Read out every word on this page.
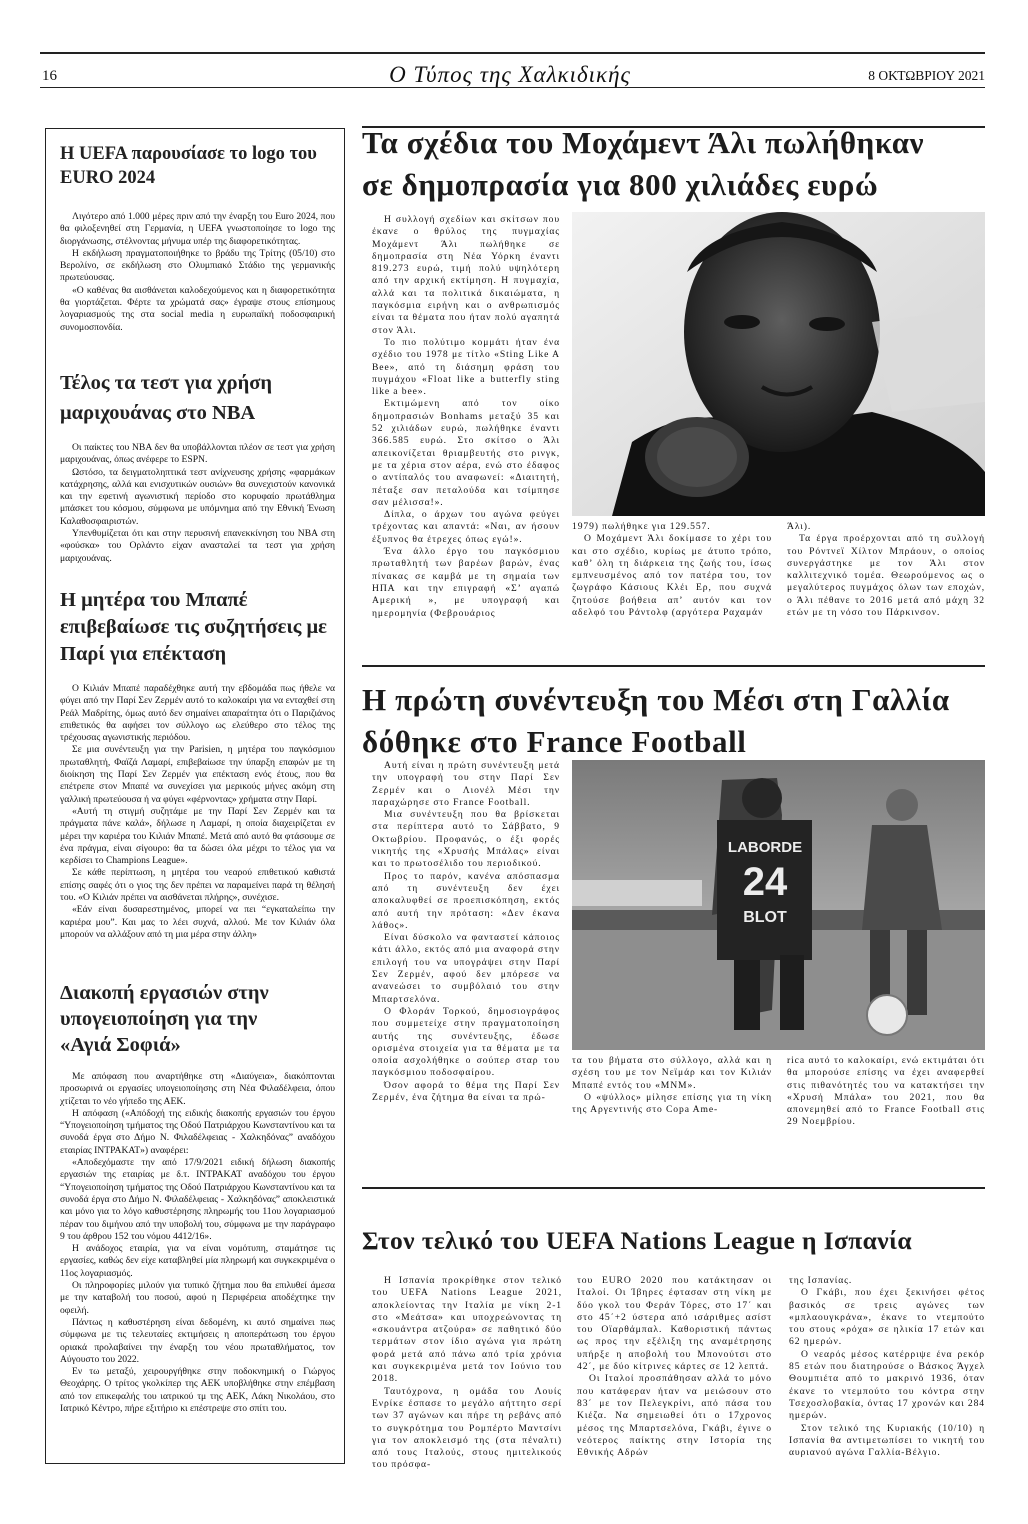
16	Ο Τύπος της Χαλκιδικής	8 ΟΚΤΩΒΡΙΟΥ 2021
Η UEFA παρουσίασε το logo του EURO 2024

Λιγότερο από 1.000 μέρες πριν από την έναρξη του Euro 2024, που θα φιλοξενηθεί στη Γερμανία, η UEFA γνωστοποίησε το logo της διοργάνωσης, στέλνοντας μήνυμα υπέρ της διαφορετικότητας.

Η εκδήλωση πραγματοποιήθηκε το βράδυ της Τρίτης (05/10) στο Βερολίνο, σε εκδήλωση στο Ολυμπιακό Στάδιο της γερμανικής πρωτεύουσας.

«Ο καθένας θα αισθάνεται καλοδεχούμενος και η διαφορετικότητα θα γιορτάζεται. Φέρτε τα χρώματά σας» έγραψε στους επίσημους λογαριασμούς της στα social media η ευρωπαϊκή ποδοσφαιρική συνομοσπονδία.

Τέλος τα τεστ για χρήση μαριχουάνας στο NBA

Οι παίκτες του NBA δεν θα υποβάλλονται πλέον σε τεστ για χρήση μαριχουάνας, όπως ανέφερε το ESPN.

Ωστόσο, τα δειγματοληπτικά τεστ ανίχνευσης χρήσης «φαρμάκων κατάχρησης, αλλά και ενισχυτικών ουσιών» θα συνεχιστούν κανονικά και την εφετινή αγωνιστική περίοδο στο κορυφαίο πρωτάθλημα μπάσκετ του κόσμου, σύμφωνα με υπόμνημα από την Εθνική Ένωση Καλαθοσφαιριστών.

Υπενθυμίζεται ότι και στην περυσινή επανεκκίνηση του NBA στη «φούσκα» του Ορλάντο είχαν ανασταλεί τα τεστ για χρήση μαριχουάνας.

Η μητέρα του Μπαπέ επιβεβαίωσε τις συζητήσεις με Παρί για επέκταση

Ο Κιλιάν Μπαπέ παραδέχθηκε αυτή την εβδομάδα πως ήθελε να φύγει από την Παρί Σεν Ζερμέν αυτό το καλοκαίρι για να ενταχθεί στη Ρεάλ Μαδρίτης, όμως αυτό δεν σημαίνει απαραίτητα ότι ο Παριζιάνος επιθετικός θα αφήσει τον σύλλογο ως ελεύθερο στο τέλος της τρέχουσας αγωνιστικής περιόδου.

Σε μια συνέντευξη για την Parisien, η μητέρα του παγκόσμιου πρωταθλητή, Φαϊζά Λαμαρί, επιβεβαίωσε την ύπαρξη επαφών με τη διοίκηση της Παρί Σεν Ζερμέν για επέκταση ενός έτους, που θα επέτρεπε στον Μπαπέ να συνεχίσει για μερικούς μήνες ακόμη στη γαλλική πρωτεύουσα ή να φύγει «φέρνοντας» χρήματα στην Παρί.

«Αυτή τη στιγμή συζητάμε με την Παρί Σεν Ζερμέν και τα πράγματα πάνε καλά», δήλωσε η Λαμαρί, η οποία διαχειρίζεται εν μέρει την καριέρα του Κιλιάν Μπαπέ. Μετά από αυτό θα φτάσουμε σε ένα πράγμα, είναι σίγουρο: θα τα δώσει όλα μέχρι το τέλος για να κερδίσει το Champions League».

Σε κάθε περίπτωση, η μητέρα του νεαρού επιθετικού καθιστά επίσης σαφές ότι ο γιος της δεν πρέπει να παραμείνει παρά τη θέλησή του. «Ο Κιλιάν πρέπει να αισθάνεται πλήρης», συνέχισε.

«Εάν είναι δυσαρεστημένος, μπορεί να πει “εγκαταλείπω την καριέρα μου”. Και μας το λέει συχνά, αλλού. Με τον Κιλιάν όλα μπορούν να αλλάξουν από τη μια μέρα στην άλλη»

Διακοπή εργασιών στην υπογειοποίηση για την «Αγιά Σοφιά»

Με απόφαση που αναρτήθηκε στη «Διαύγεια», διακόπτονται προσωρινά οι εργασίες υπογειοποίησης στη Νέα Φιλαδέλφεια, όπου χτίζεται το νέο γήπεδο της ΑΕΚ.

Η απόφαση («Απόδοχή της ειδικής διακοπής εργασιών του έργου “Υπογειοποίηση τμήματος της Οδού Πατριάρχου Κωνσταντίνου και τα συνοδά έργα στο Δήμο Ν. Φιλαδέλφειας - Χαλκηδόνας” αναδόχου εταιρίας ΙΝΤΡΑΚΑΤ») αναφέρει:

«Αποδεχόμαστε την από 17/9/2021 ειδική δήλωση διακοπής εργασιών της εταιρίας με δ.τ. ΙΝΤΡΑΚΑΤ αναδόχου του έργου “Υπογειοποίηση τμήματος της Οδού Πατριάρχου Κωνσταντίνου και τα συνοδά έργα στο Δήμο Ν. Φιλαδέλφειας - Χαλκηδόνας” αποκλειστικά και μόνο για το λόγο καθυστέρησης πληρωμής του 11ου λογαριασμού πέραν του διμήνου από την υποβολή του, σύμφωνα με την παράγραφο 9 του άρθρου 152 του νόμου 4412/16».

Η ανάδοχος εταιρία, για να είναι νομότυπη, σταμάτησε τις εργασίες, καθώς δεν είχε καταβληθεί μία πληρωμή και συγκεκριμένα ο 11ος λογαριασμός.

Οι πληροφορίες μιλούν για τυπικό ζήτημα που θα επιλυθεί άμεσα με την καταβολή του ποσού, αφού η Περιφέρεια αποδέχτηκε την οφειλή.

Πάντως η καθυστέρηση είναι δεδομένη, κι αυτό σημαίνει πως σύμφωνα με τις τελευταίες εκτιμήσεις η αποπεράτωση του έργου οριακά προλαβαίνει την έναρξη του νέου πρωταθλήματος, τον Αύγουστο του 2022.

Εν τω μεταξύ, χειρουργήθηκε στην ποδοκνημική ο Γιώργος Θεοχάρης. Ο τρίτος γκολκίπερ της ΑΕΚ υποβλήθηκε στην επέμβαση από τον επικεφαλής του ιατρικού τμ της ΑΕΚ, Λάκη Νικολάου, στο Ιατρικό Κέντρο, πήρε εξιτήριο κι επέστρεψε στο σπίτι του.

Τα σχέδια του Μοχάμεντ Άλι πωλήθηκαν
σε δημοπρασία για 800 χιλιάδες ευρώ

Η συλλογή σχεδίων και σκίτσων που έκανε ο θρύλος της πυγμαχίας Μοχάμεντ Άλι πωλήθηκε σε δημοπρασία στη Νέα Υόρκη έναντι 819.273 ευρώ, τιμή πολύ υψηλότερη από την αρχική εκτίμηση. Η πυγμαχία, αλλά και τα πολιτικά δικαιώματα, η παγκόσμια ειρήνη και ο ανθρωπισμός είναι τα θέματα που ήταν πολύ αγαπητά στον Άλι.

Το πιο πολύτιμο κομμάτι ήταν ένα σχέδιο του 1978 με τίτλο «Sting Like A Bee», από τη διάσημη φράση του πυγμάχου «Float like a butterfly sting like a bee».

Εκτιμώμενη από τον οίκο δημοπρασιών Bonhams μεταξύ 35 και 52 χιλιάδων ευρώ, πωλήθηκε έναντι 366.585 ευρώ. Στο σκίτσο ο Άλι απεικονίζεται θριαμβευτής στο ρινγκ, με τα χέρια στον αέρα, ενώ στο έδαφος ο αντίπαλός του αναφωνεί: «Διαιτητή, πέταξε σαν πεταλούδα και τσίμπησε σαν μέλισσα!».

Δίπλα, ο άρχων του αγώνα φεύγει τρέχοντας και απαντά: «Ναι, αν ήσουν έξυπνος θα έτρεχες όπως εγώ!».

Ένα άλλο έργο του παγκόσμιου πρωταθλητή των βαρέων βαρών, ένας πίνακας σε καμβά με τη σημαία των ΗΠΑ και την επιγραφή «Σ’ αγαπώ Αμερική », με υπογραφή και ημερομηνία (Φεβρουάριος

1979) πωλήθηκε για 129.557.

Ο Μοχάμεντ Άλι δοκίμασε το χέρι του και στο σχέδιο, κυρίως με άτυπο τρόπο, καθ’ όλη τη διάρκεια της ζωής του, ίσως εμπνευσμένος από τον πατέρα του, τον ζωγράφο Κάσιους Κλέι Ερ, που συχνά ζητούσε βοήθεια απ’ αυτόν και τον αδελφό του Ράντολφ (αργότερα Ραχαμάν

Άλι).

Τα έργα προέρχονται από τη συλλογή του Ρόντνεϊ Χίλτον Μπράουν, ο οποίος συνεργάστηκε με τον Άλι στον καλλιτεχνικό τομέα. Θεωρούμενος ως ο μεγαλύτερος πυγμάχος όλων των εποχών, ο Άλι πέθανε το 2016 μετά από μάχη 32 ετών με τη νόσο του Πάρκινσον.

Η πρώτη συνέντευξη του Μέσι στη Γαλλία
δόθηκε στο France Football

Αυτή είναι η πρώτη συνέντευξη μετά την υπογραφή του στην Παρί Σεν Ζερμέν και ο Λιονέλ Μέσι την παραχώρησε στο France Football.

Μια συνέντευξη που θα βρίσκεται στα περίπτερα αυτό το Σάββατο, 9 Οκτωβρίου. Προφανώς, ο έξι φορές νικητής της «Χρυσής Μπάλας» είναι και το πρωτοσέλιδο του περιοδικού.

Προς το παρόν, κανένα απόσπασμα από τη συνέντευξη δεν έχει αποκαλυφθεί σε προεπισκόπηση, εκτός από αυτή την πρόταση: «Δεν έκανα λάθος».

Είναι δύσκολο να φανταστεί κάποιος κάτι άλλο, εκτός από μια αναφορά στην επιλογή του να υπογράψει στην Παρί Σεν Ζερμέν, αφού δεν μπόρεσε να ανανεώσει το συμβόλαιό του στην Μπαρτσελόνα.

Ο Φλοράν Τορκού, δημοσιογράφος που συμμετείχε στην πραγματοποίηση αυτής της συνέντευξης, έδωσε ορισμένα στοιχεία για τα θέματα με τα οποία ασχολήθηκε ο σούπερ σταρ του παγκόσμιου ποδοσφαίρου.

Όσον αφορά το θέμα της Παρί Σεν Ζερμέν, ένα ζήτημα θα είναι τα πρώ-

LABORDE
24
BLOT

τα του βήματα στο σύλλογο, αλλά και η σχέση του με τον Νεϊμάρ και τον Κιλιάν Μπαπέ εντός του «ΜΝΜ».

Ο «ψύλλος» μίλησε επίσης για τη νίκη της Αργεντινής στο Copa Ame-

rica αυτό το καλοκαίρι, ενώ εκτιμάται ότι θα μπορούσε επίσης να έχει αναφερθεί στις πιθανότητές του να κατακτήσει την «Χρυσή Μπάλα» του 2021, που θα απονεμηθεί από το France Football στις 29 Νοεμβρίου.

Στον τελικό του UEFA Nations League η Ισπανία

Η Ισπανία προκρίθηκε στον τελικό του UEFA Nations League 2021, αποκλείοντας την Ιταλία με νίκη 2-1 στο «Μεάτσα» και υποχρεώνοντας τη «σκουάντρα ατζούρα» σε παθητικό δύο τερμάτων στον ίδιο αγώνα για πρώτη φορά μετά από πάνω από τρία χρόνια και συγκεκριμένα μετά τον Ιούνιο του 2018.

Ταυτόχρονα, η ομάδα του Λουίς Ενρίκε έσπασε το μεγάλο αήττητο σερί των 37 αγώνων και πήρε τη ρεβάνς από το συγκρότημα του Ρομπέρτο Μαντσίνι για τον αποκλεισμό της (στα πέναλτι) από τους Ιταλούς, στους ημιτελικούς του πρόσφα-

του EURO 2020 που κατάκτησαν οι Ιταλοί. Οι Ίβηρες έφτασαν στη νίκη με δύο γκολ του Φεράν Τόρες, στο 17΄ και στο 45΄+2 ύστερα από ισάριθμες ασίστ του Οϊαρθάμπαλ. Καθοριστική πάντως ως προς την εξέλιξη της αναμέτρησης υπήρξε η αποβολή του Μπονούτσι στο 42΄, με δύο κίτρινες κάρτες σε 12 λεπτά.

Οι Ιταλοί προσπάθησαν αλλά το μόνο που κατάφεραν ήταν να μειώσουν στο 83΄ με τον Πελεγκρίνι, από πάσα του Κιέζα. Να σημειωθεί ότι ο 17χρονος μέσος της Μπαρτσελόνα, Γκάβι, έγινε ο νεότερος παίκτης στην Ιστορία της Εθνικής Αδρών

της Ισπανίας.

Ο Γκάβι, που έχει ξεκινήσει φέτος βασικός σε τρεις αγώνες των «μπλαουγκράνα», έκανε το ντεμπούτο του στους «ρόχα» σε ηλικία 17 ετών και 62 ημερών.

Ο νεαρός μέσος κατέρριψε ένα ρεκόρ 85 ετών που διατηρούσε ο Βάσκος Άγχελ Θουμπιέτα από το μακρινό 1936, όταν έκανε το ντεμπούτο του κόντρα στην Τσεχοσλοβακία, όντας 17 χρονών και 284 ημερών.

Στον τελικό της Κυριακής (10/10) η Ισπανία θα αντιμετωπίσει το νικητή του αυριανού αγώνα Γαλλία-Βέλγιο.
